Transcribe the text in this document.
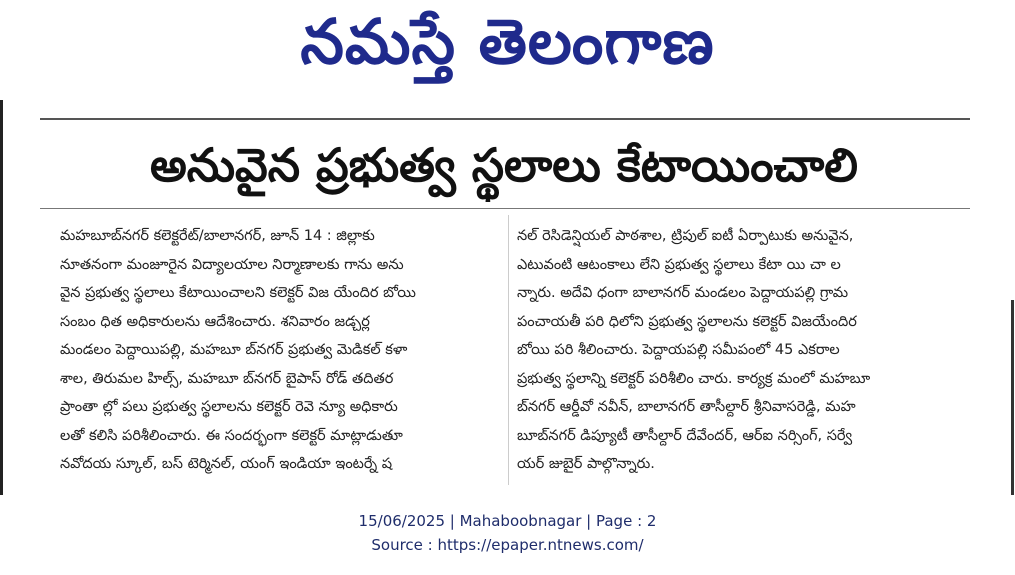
నమస్తే తెలంగాణ
అనువైన ప్రభుత్వ స్థలాలు కేటాయించాలి
మహబూబ్‌నగర్ కలెక్టరేట్/బాలానగర్, జూన్ 14 : జిల్లాకు
నూతనంగా మంజూరైన విద్యాలయాల నిర్మాణాలకు గాను అను
వైన ప్రభుత్వ స్థలాలు కేటాయించాలని కలెక్టర్ విజ యేందిర బోయి
సంబం ధిత అధికారులను ఆదేశించారు. శనివారం జడ్చర్ల
మండలం పెద్దాయిపల్లి, మహబూ బ్‌నగర్ ప్రభుత్వ మెడికల్ కళా
శాల, తిరుమల హిల్స్, మహబూ బ్‌నగర్ బైపాస్ రోడ్ తదితర
ప్రాంతా ల్లో పలు ప్రభుత్వ స్థలాలను కలెక్టర్ రెవె న్యూ అధికారు
లతో కలిసి పరిశీలించారు. ఈ సందర్భంగా కలెక్టర్ మాట్లాడుతూ
నవోదయ స్కూల్, బస్ టెర్మినల్, యంగ్ ఇండియా ఇంటర్నే ష
నల్ రెసిడెన్షియల్ పాఠశాల, ట్రిపుల్ ఐటీ ఏర్పాటుకు అనువైన,
ఎటువంటి ఆటంకాలు లేని ప్రభుత్వ స్థలాలు కేటా యి చా ల
న్నారు. అదేవి ధంగా బాలానగర్ మండలం పెద్దాయపల్లి గ్రామ
పంచాయతీ పరి ధిలోని ప్రభుత్వ స్థలాలను కలెక్టర్ విజయేందిర
బోయి పరి శీలించారు. పెద్దాయపల్లి సమీపంలో 45 ఎకరాల
ప్రభుత్వ స్థలాన్ని కలెక్టర్ పరిశీలిం చారు. కార్యక్ర మంలో మహబూ
బ్‌నగర్ ఆర్డీవో నవీన్, బాలానగర్ తాసీల్దార్ శ్రీనివాసరెడ్డి, మహ
బూబ్‌నగర్ డిప్యూటీ తాసీల్దార్ దేవేందర్, ఆర్‌ఐ నర్సింగ్, సర్వే
యర్ జుబైర్ పాల్గొన్నారు.
15/06/2025 | Mahaboobnagar | Page : 2
Source : https://epaper.ntnews.com/
